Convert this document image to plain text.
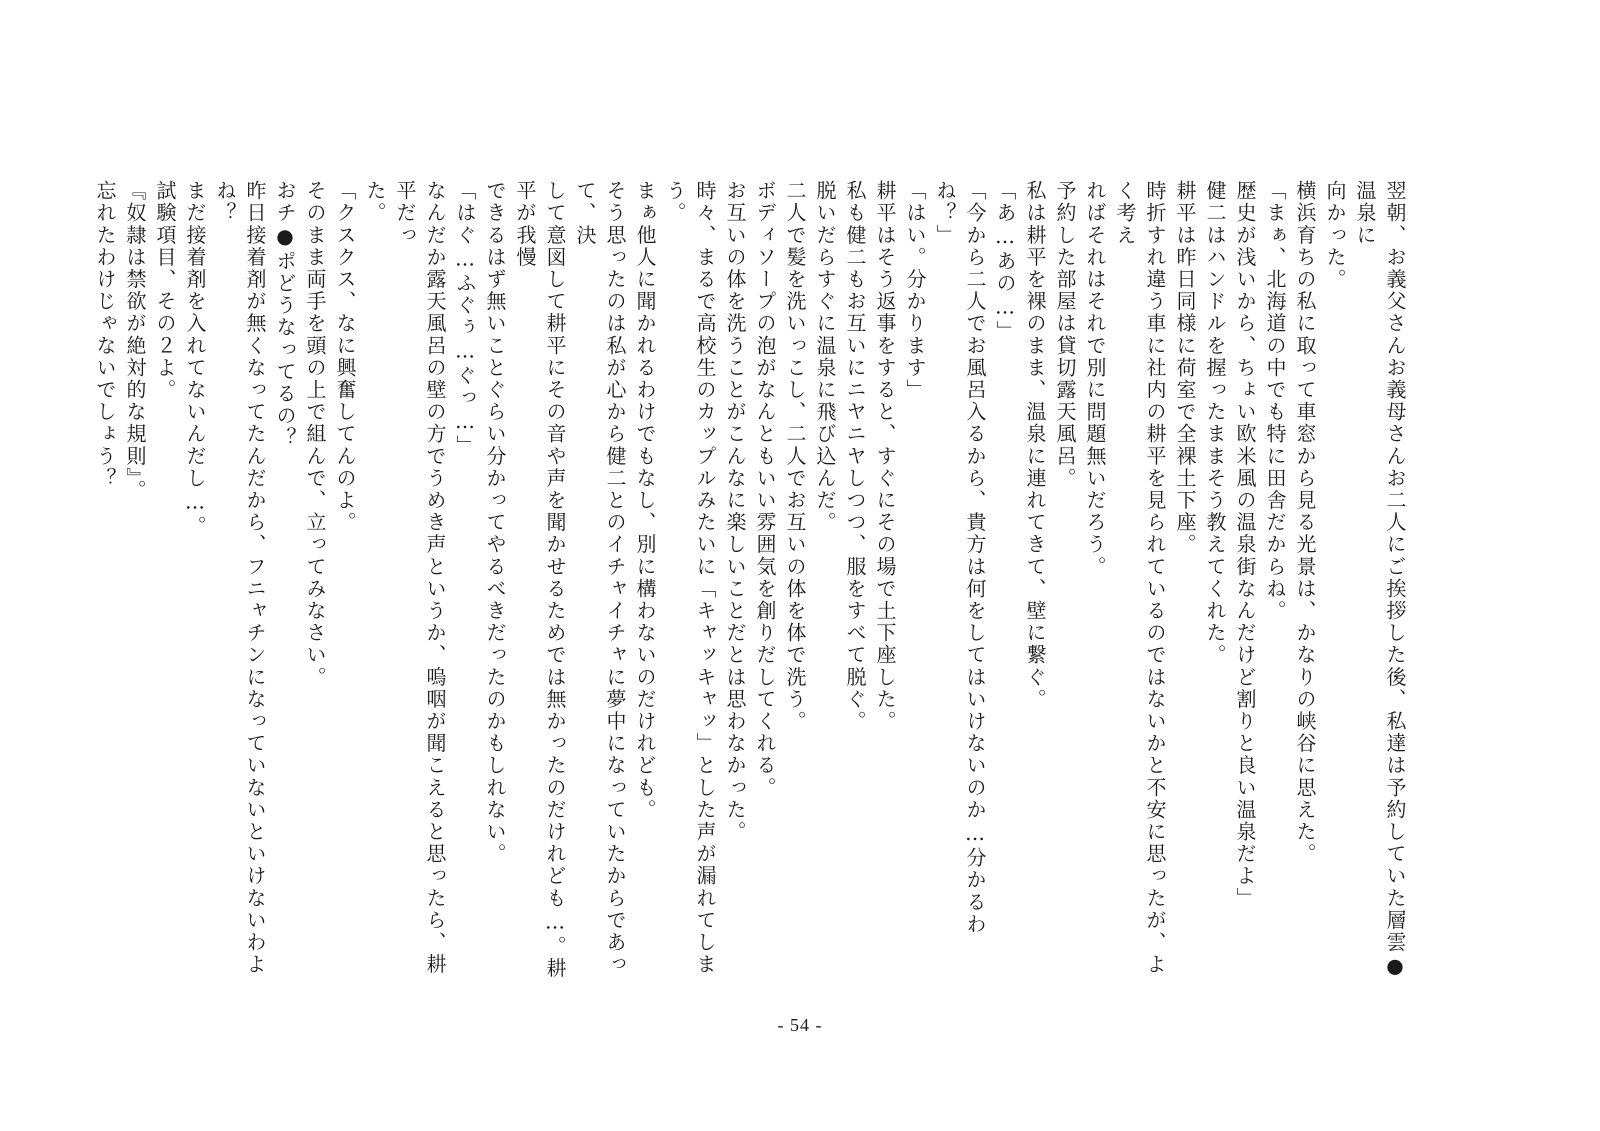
翌朝、お義父さんお義母さんお二人にご挨拶した後、私達は予約していた層雲●温泉に
向かった。
横浜育ちの私に取って車窓から見る光景は、かなりの峡谷に思えた。
「まぁ、北海道の中でも特に田舎だからね。
歴史が浅いから、ちょい欧米風の温泉街なんだけど割りと良い温泉だよ」
健二はハンドルを握ったままそう教えてくれた。
耕平は昨日同様に荷室で全裸土下座。
時折すれ違う車に社内の耕平を見られているのではないかと不安に思ったが、よく考え
ればそれはそれで別に問題無いだろう。
予約した部屋は貸切露天風呂。
私は耕平を裸のまま、温泉に連れてきて、壁に繋ぐ。
「あ…あの…」
「今から二人でお風呂入るから、貴方は何をしてはいけないのか…分かるわね？」
「はい。分かります」
耕平はそう返事をすると、すぐにその場で土下座した。
私も健二もお互いにニヤニヤしつつ、服をすべて脱ぐ。
脱いだらすぐに温泉に飛び込んだ。
二人で髪を洗いっこし、二人でお互いの体を体で洗う。
ボディソープの泡がなんともいい雰囲気を創りだしてくれる。
お互いの体を洗うことがこんなに楽しいことだとは思わなかった。
時々、まるで高校生のカップルみたいに「キャッキャッ」とした声が漏れてしまう。
まぁ他人に聞かれるわけでもなし、別に構わないのだけれども。
そう思ったのは私が心から健二とのイチャイチャに夢中になっていたからであって、決
して意図して耕平にその音や声を聞かせるためでは無かったのだけれども…。耕平が我慢
できるはず無いことぐらい分かってやるべきだったのかもしれない。
「はぐ…ふぐぅ…ぐっ…」
なんだか露天風呂の壁の方でうめき声というか、嗚咽が聞こえると思ったら、耕平だっ
た。
「クスクス、なに興奮してんのよ。
そのまま両手を頭の上で組んで、立ってみなさい。
おチ●ポどうなってるの？
昨日接着剤が無くなってたんだから、フニャチンになっていないといけないわよね？
まだ接着剤を入れてないんだし…。
試験項目、その２よ。
『奴隷は禁欲が絶対的な規則』。
忘れたわけじゃないでしょう？
- 54 -
